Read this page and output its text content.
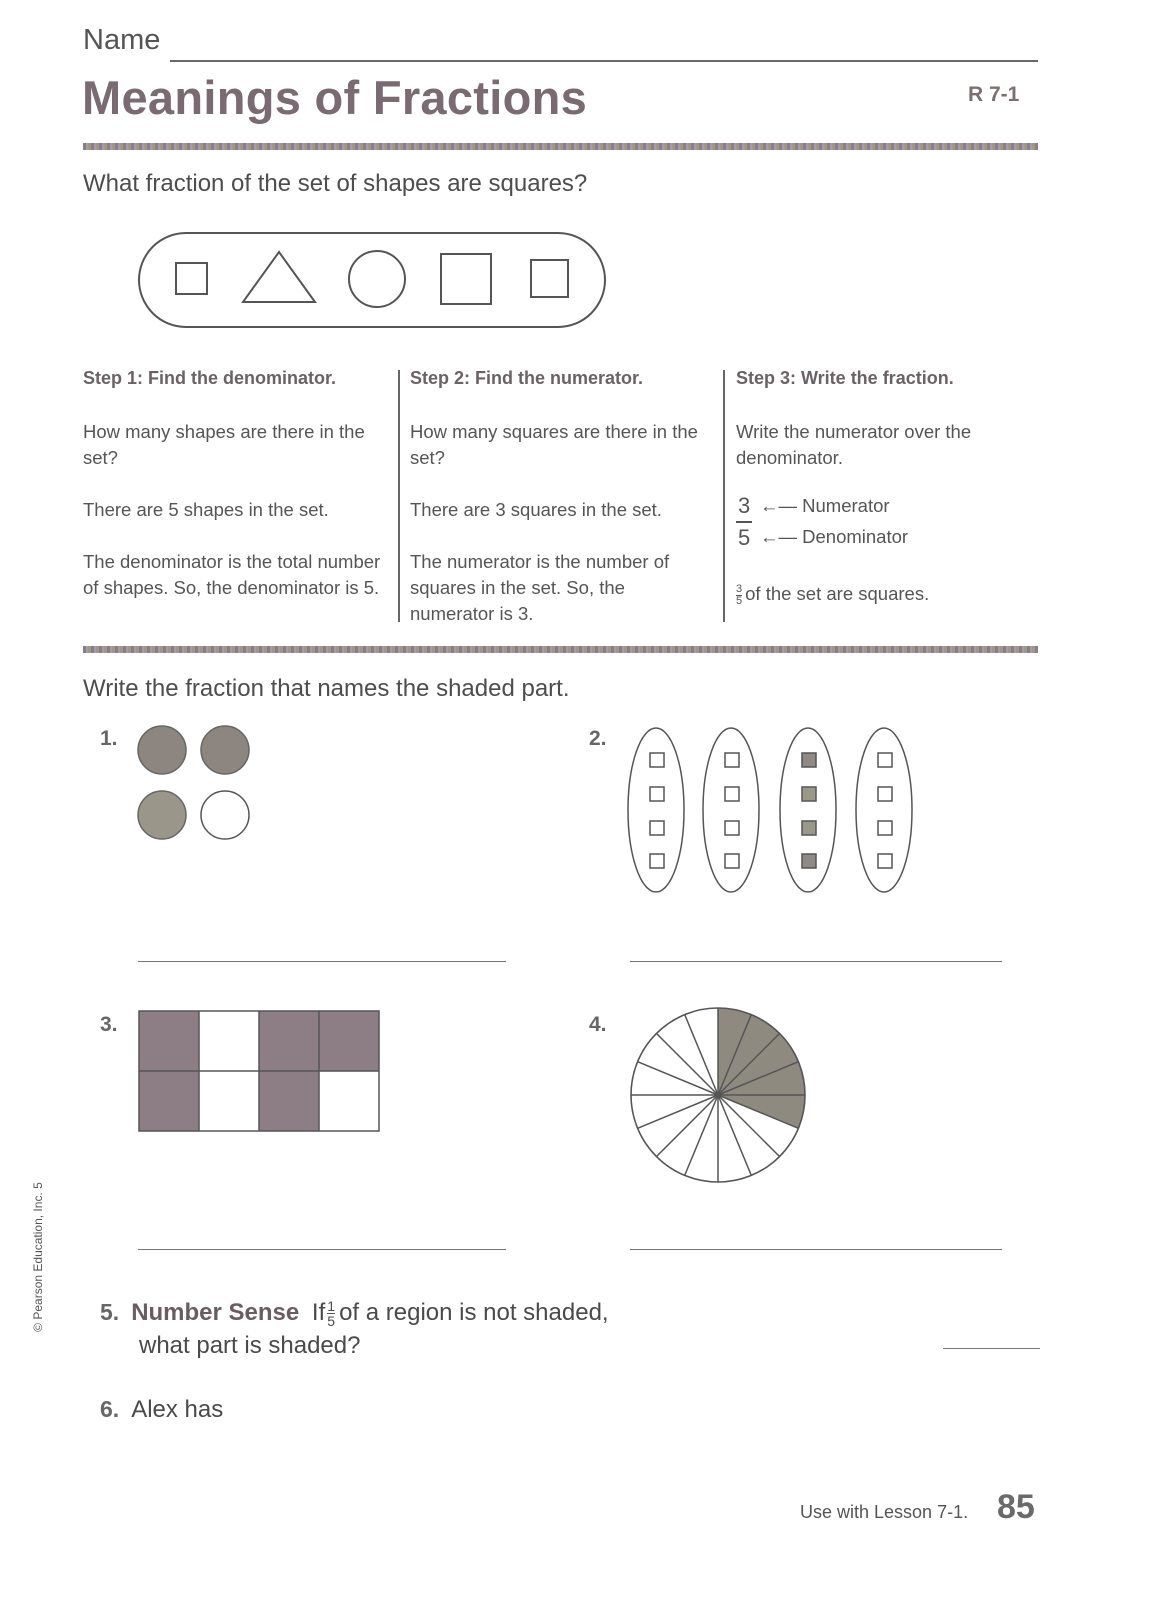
Name
Meanings of Fractions	R 7-1
What fraction of the set of shapes are squares?
Step 1: Find the denominator.

How many shapes are there in the set?

There are 5 shapes in the set.

The denominator is the total number of shapes. So, the denominator is 5.

Step 2: Find the numerator.

How many squares are there in the set?

There are 3 squares in the set.

The numerator is the number of squares in the set. So, the numerator is 3.

Step 3: Write the fraction.

Write the numerator over the denominator.

$\frac{3}{5}$ ←— Numerator
←— Denominator
$\frac{3}{5}$ of the set are squares.
Write the fraction that names the shaded part.
1.	2.
3.	4.
5. Number Sense If $\frac{1}{5}$ of a region is not shaded,
what part is shaded?
6. Alex has
Use with Lesson 7-1. 85
© Pearson Education, Inc. 5
